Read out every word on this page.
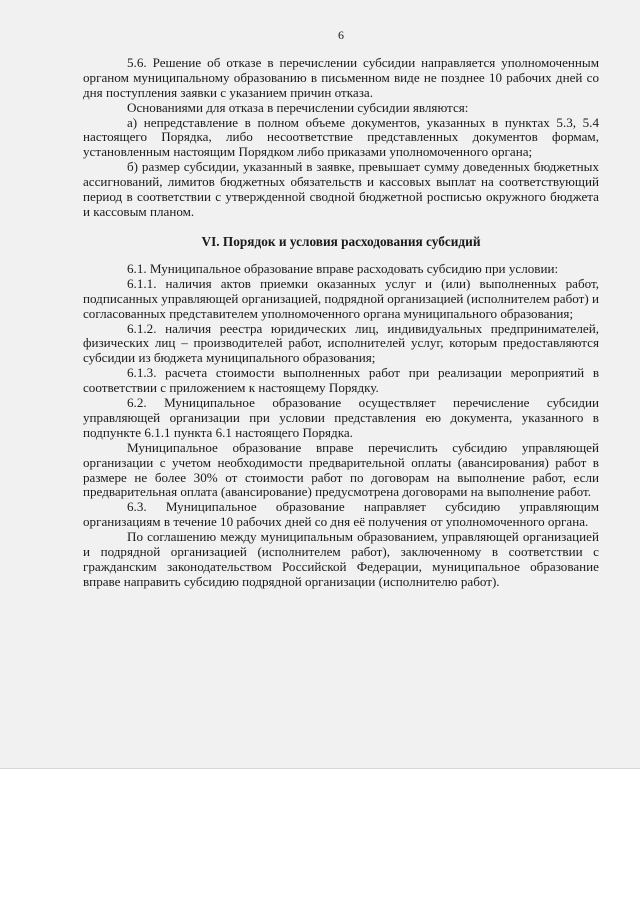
6

5.6. Решение об отказе в перечислении субсидии направляется уполномоченным органом муниципальному образованию в письменном виде не позднее 10 рабочих дней со дня поступления заявки с указанием причин отказа.

Основаниями для отказа в перечислении субсидии являются:

а) непредставление в полном объеме документов, указанных в пунктах 5.3, 5.4 настоящего Порядка, либо несоответствие представленных документов формам, установленным настоящим Порядком либо приказами уполномоченного органа;

б) размер субсидии, указанный в заявке, превышает сумму доведенных бюджетных ассигнований, лимитов бюджетных обязательств и кассовых выплат на соответствующий период в соответствии с утвержденной сводной бюджетной росписью окружного бюджета и кассовым планом.

VI. Порядок и условия расходования субсидий

6.1. Муниципальное образование вправе расходовать субсидию при условии:

6.1.1. наличия актов приемки оказанных услуг и (или) выполненных работ, подписанных управляющей организацией, подрядной организацией (исполнителем работ) и согласованных представителем уполномоченного органа муниципального образования;

6.1.2. наличия реестра юридических лиц, индивидуальных предпринимателей, физических лиц – производителей работ, исполнителей услуг, которым предоставляются субсидии из бюджета муниципального образования;

6.1.3. расчета стоимости выполненных работ при реализации мероприятий в соответствии с приложением к настоящему Порядку.

6.2. Муниципальное образование осуществляет перечисление субсидии управляющей организации при условии представления ею документа, указанного в подпункте 6.1.1 пункта 6.1 настоящего Порядка.

Муниципальное образование вправе перечислить субсидию управляющей организации с учетом необходимости предварительной оплаты (авансирования) работ в размере не более 30% от стоимости работ по договорам на выполнение работ, если предварительная оплата (авансирование) предусмотрена договорами на выполнение работ.

6.3. Муниципальное образование направляет субсидию управляющим организациям в течение 10 рабочих дней со дня её получения от уполномоченного органа.

По соглашению между муниципальным образованием, управляющей организацией и подрядной организацией (исполнителем работ), заключенному в соответствии с гражданским законодательством Российской Федерации, муниципальное образование вправе направить субсидию подрядной организации (исполнителю работ).
